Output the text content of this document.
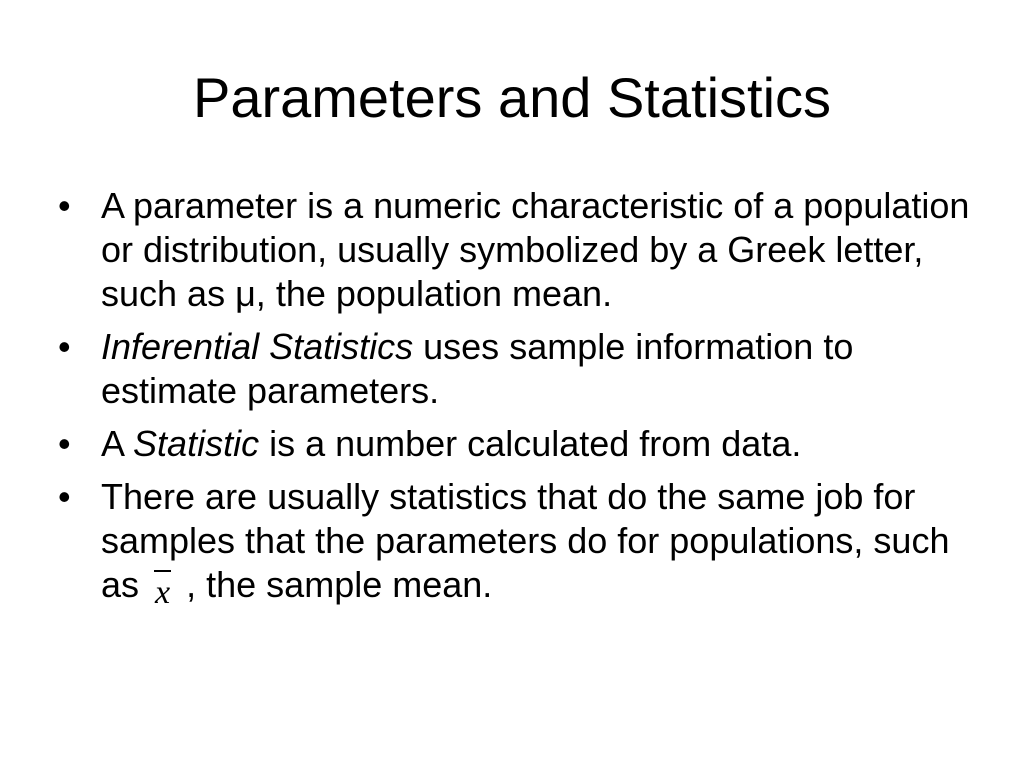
Parameters and Statistics
• A parameter is a numeric characteristic of a population or distribution, usually symbolized by a Greek letter, such as μ, the population mean.
• Inferential Statistics uses sample information to estimate parameters.
• A Statistic is a number calculated from data.
• There are usually statistics that do the same job for samples that the parameters do for populations, such as
x , the sample mean.
